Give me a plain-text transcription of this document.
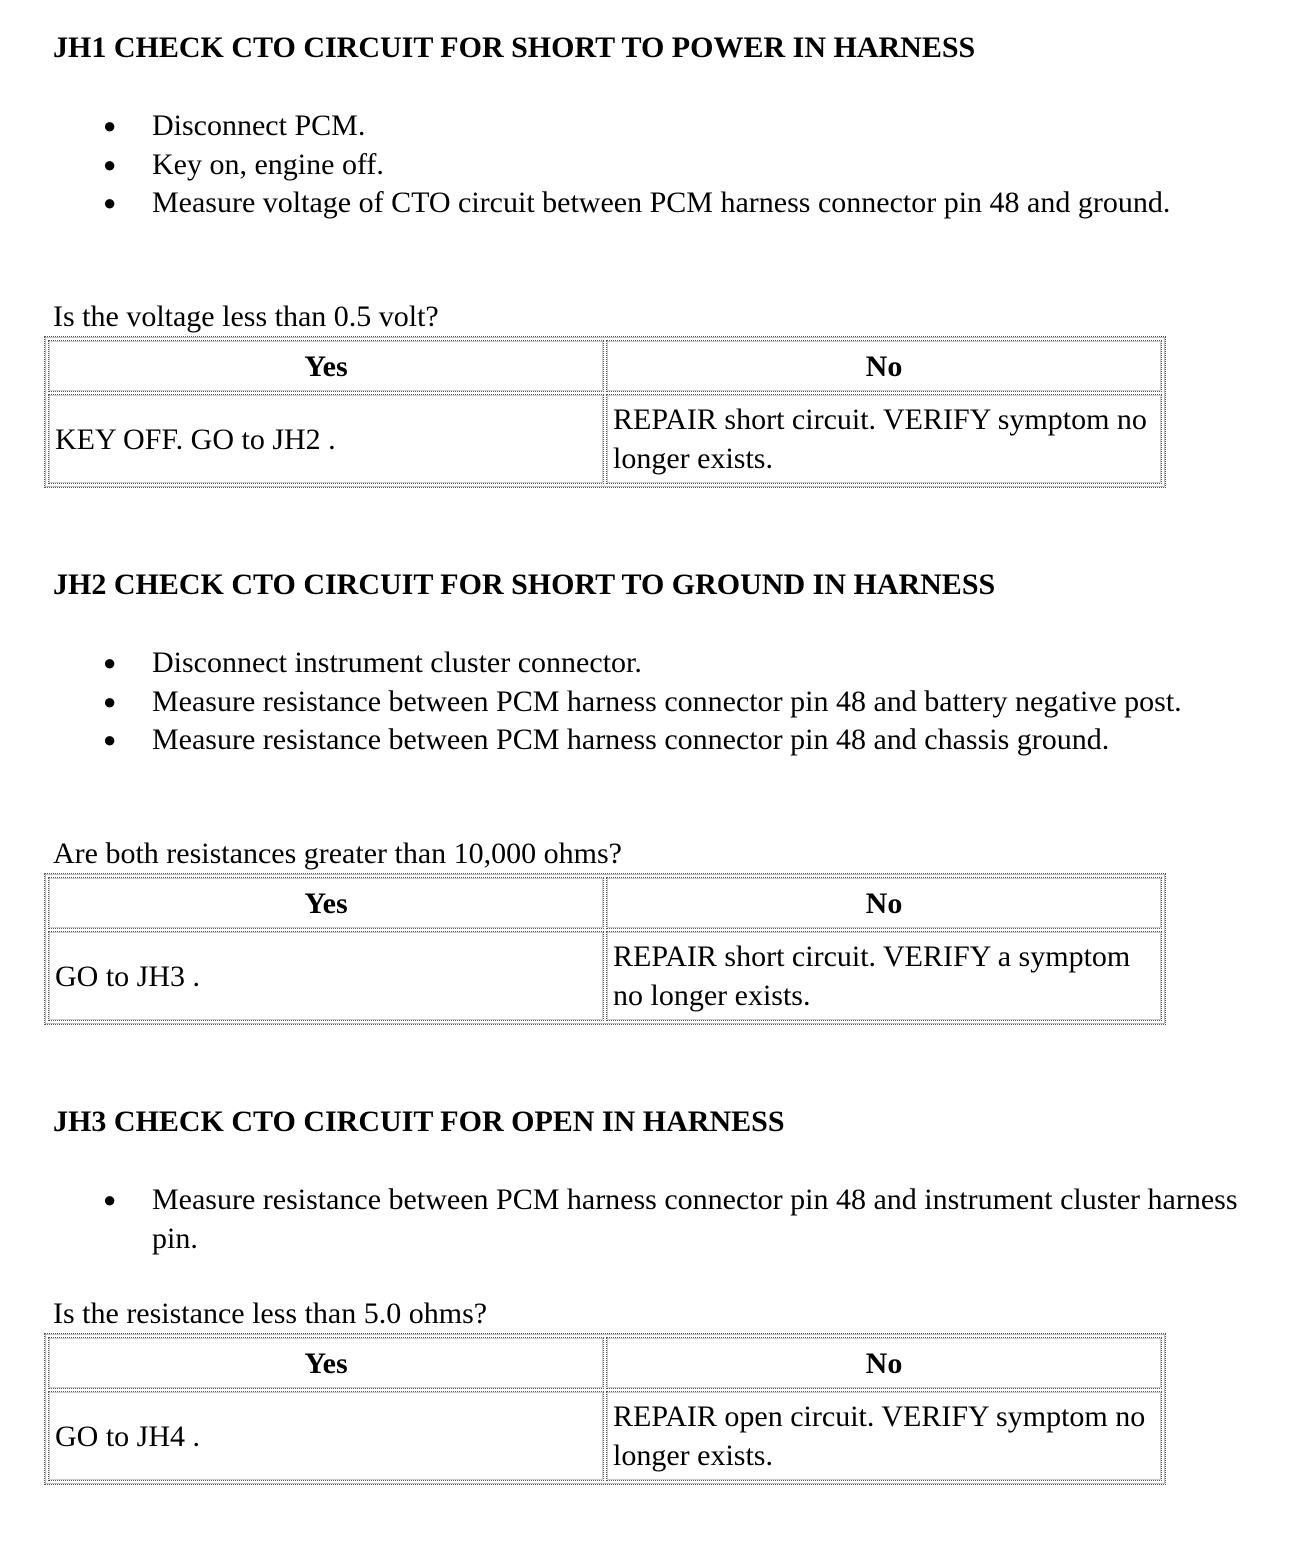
JH1 CHECK CTO CIRCUIT FOR SHORT TO POWER IN HARNESS
● Disconnect PCM.
● Key on, engine off.
● Measure voltage of CTO circuit between PCM harness connector pin 48 and ground.

Is the voltage less than 0.5 volt?

Yes	No
KEY OFF. GO to JH2 .	REPAIR short circuit. VERIFY symptom no longer exists.
JH2 CHECK CTO CIRCUIT FOR SHORT TO GROUND IN HARNESS
● Disconnect instrument cluster connector.
● Measure resistance between PCM harness connector pin 48 and battery negative post.
● Measure resistance between PCM harness connector pin 48 and chassis ground.

Are both resistances greater than 10,000 ohms?

Yes	No
GO to JH3 .	REPAIR short circuit. VERIFY a symptom no longer exists.
JH3 CHECK CTO CIRCUIT FOR OPEN IN HARNESS
● Measure resistance between PCM harness connector pin 48 and instrument cluster harness pin.

Is the resistance less than 5.0 ohms?

Yes	No
GO to JH4 .	REPAIR open circuit. VERIFY symptom no longer exists.
